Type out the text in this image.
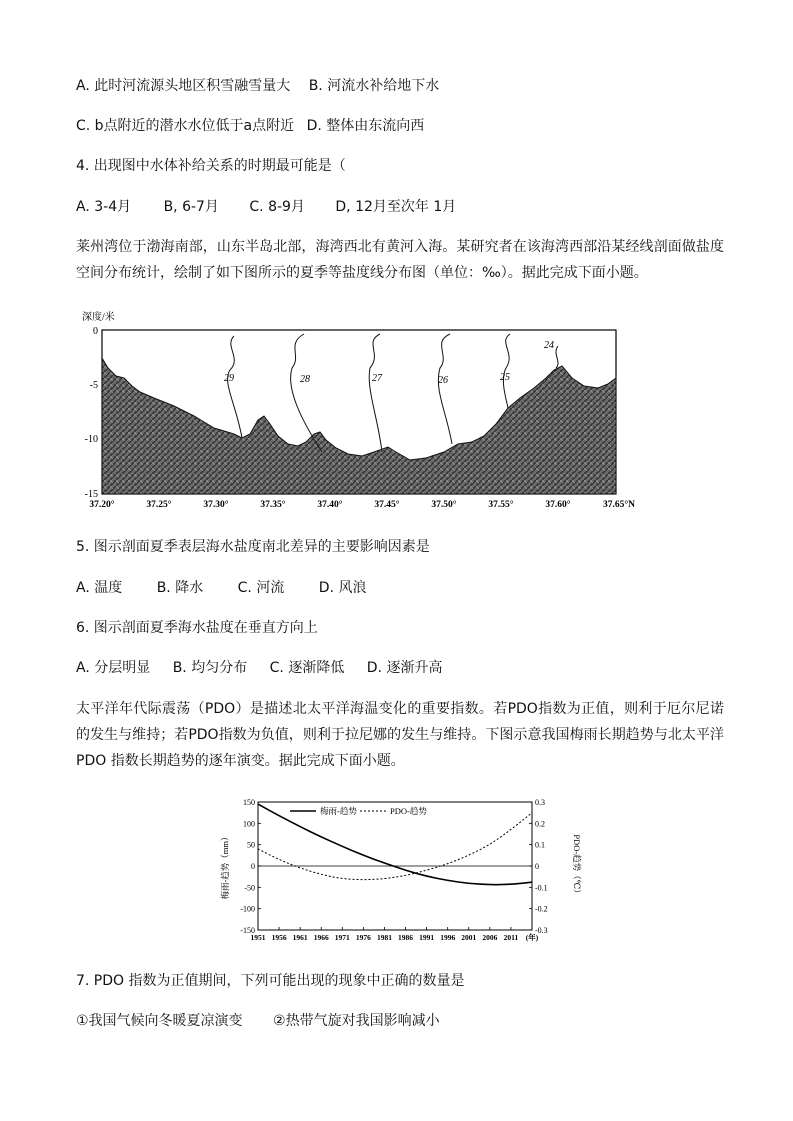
A. 此时河流源头地区积雪融雪量大 B. 河流水补给地下水
C. b点附近的潜水水位低于a点附近 D. 整体由东流向西
4. 出现图中水体补给关系的时期最可能是（
A. 3-4月 B, 6-7月 C. 8-9月 D, 12月至次年 1月
莱州湾位于渤海南部，山东半岛北部，海湾西北有黄河入海。某研究者在该海湾西部沿某经线剖面做盐度空间分布统计，绘制了如下图所示的夏季等盐度线分布图（单位：‰）。据此完成下面小题。
深度/米
0
-5
-10
-15
29	28	27	26	25
24
37.20°	37.25°	37.30°	37.35°	37.40°	37.45°	37.50°	37.55°	37.60°	37.65°N
5. 图示剖面夏季表层海水盐度南北差异的主要影响因素是
A. 温度 B. 降水 C. 河流 D. 风浪
6. 图示剖面夏季海水盐度在垂直方向上
A. 分层明显 B. 均匀分布 C. 逐渐降低 D. 逐渐升高
太平洋年代际震荡（PDO）是描述北太平洋海温变化的重要指数。若PDO指数为正值，则利于厄尔尼诺的发生与维持；若PDO指数为负值，则利于拉尼娜的发生与维持。下图示意我国梅雨长期趋势与北太平洋 PDO 指数长期趋势的逐年演变。据此完成下面小题。
150
100
50
0
-50
-100
-150
0.3
0.2
0.1
0
-0.1
-0.2
-0.3
1951 1956 1961 1966 1971 1976 1981 1986 1991 1996 2001 2006 2011 (年)
梅雨-趋势	PDO-趋势
梅雨-趋势（mm）	PDO-趋势（℃）
7. PDO 指数为正值期间，下列可能出现的现象中正确的数量是
①我国气候向冬暖夏凉演变 ②热带气旋对我国影响减小
